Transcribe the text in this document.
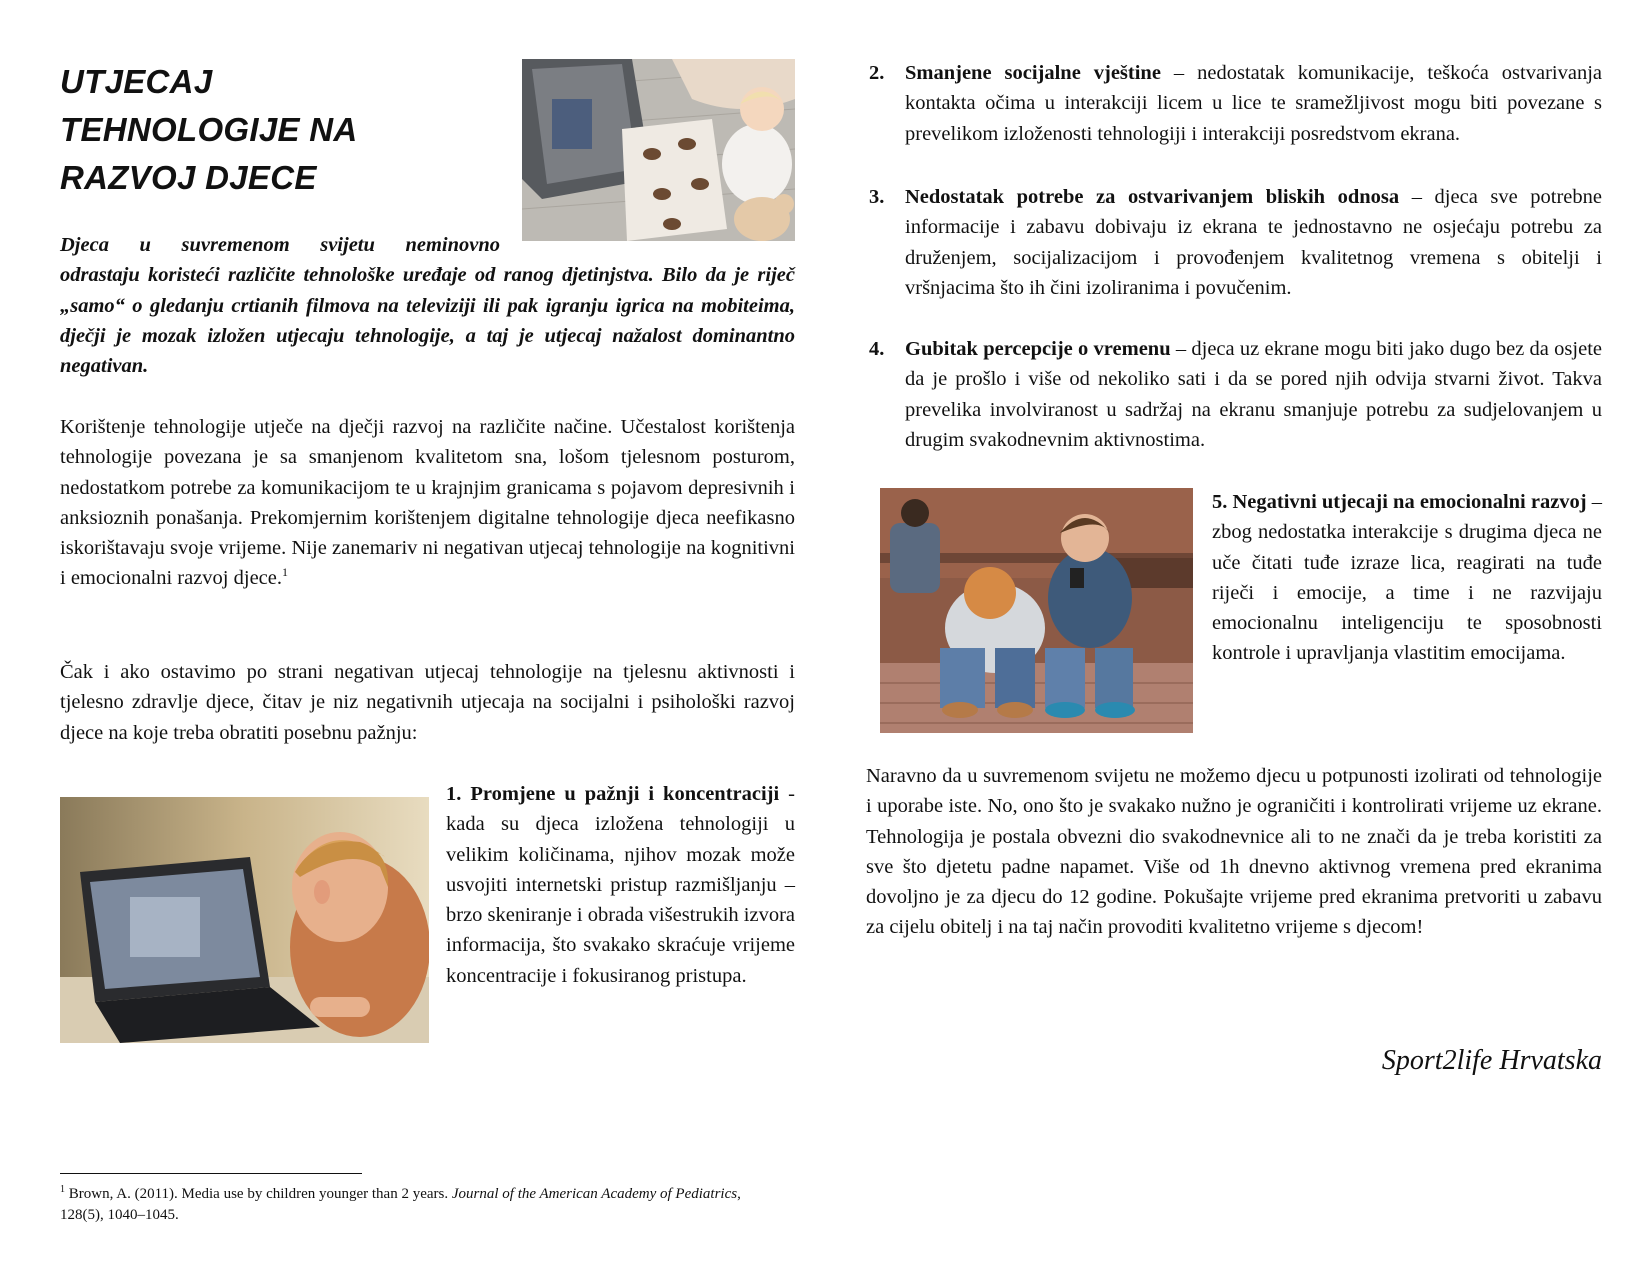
UTJECAJ
TEHNOLOGIJE NA
RAZVOJ DJECE
Djeca u suvremenom svijetu neminovno
odrastaju koristeći različite tehnološke uređaje od ranog djetinjstva. Bilo da je riječ „samo“ o gledanju crtianih filmova na televiziji ili pak igranju igrica na mobiteima, dječji je mozak izložen utjecaju tehnologije, a taj je utjecaj nažalost dominantno negativan.
Korištenje tehnologije utječe na dječji razvoj na različite načine. Učestalost korištenja tehnologije povezana je sa smanjenom kvalitetom sna, lošom tjelesnom posturom, nedostatkom potrebe za komunikacijom te u krajnjim granicama s pojavom depresivnih i anksioznih ponašanja. Prekomjernim korištenjem digitalne tehnologije djeca neefikasno iskorištavaju svoje vrijeme. Nije zanemariv ni negativan utjecaj tehnologije na kognitivni i emocionalni razvoj djece.$^1$
Čak i ako ostavimo po strani negativan utjecaj tehnologije na tjelesnu aktivnosti i tjelesno zdravlje djece, čitav je niz negativnih utjecaja na socijalni i psihološki razvoj djece na koje treba obratiti posebnu pažnju:
1. Promjene u pažnji i koncentraciji - kada su djeca izložena tehnologiji u velikim količinama, njihov mozak može usvojiti internetski pristup razmišljanju – brzo skeniranje i obrada višestrukih izvora informacija, što svakako skraćuje vrijeme koncentracije i fokusiranog pristupa.
2. Smanjene socijalne vještine – nedostatak komunikacije, teškoća ostvarivanja kontakta očima u interakciji licem u lice te sramežljivost mogu biti povezane s prevelikom izloženosti tehnologiji i interakciji posredstvom ekrana.
3. Nedostatak potrebe za ostvarivanjem bliskih odnosa – djeca sve potrebne informacije i zabavu dobivaju iz ekrana te jednostavno ne osjećaju potrebu za druženjem, socijalizacijom i provođenjem kvalitetnog vremena s obitelji i vršnjacima što ih čini izoliranima i povučenim.
4. Gubitak percepcije o vremenu – djeca uz ekrane mogu biti jako dugo bez da osjete da je prošlo i više od nekoliko sati i da se pored njih odvija stvarni život. Takva prevelika involviranost u sadržaj na ekranu smanjuje potrebu za sudjelovanjem u drugim svakodnevnim aktivnostima.
5. Negativni utjecaji na emocionalni razvoj – zbog nedostatka interakcije s drugima djeca ne uče čitati tuđe izraze lica, reagirati na tuđe riječi i emocije, a time i ne razvijaju emocionalnu inteligenciju te sposobnosti kontrole i upravljanja vlastitim emocijama.
Naravno da u suvremenom svijetu ne možemo djecu u potpunosti izolirati od tehnologije i uporabe iste. No, ono što je svakako nužno je ograničiti i kontrolirati vrijeme uz ekrane. Tehnologija je postala obvezni dio svakodnevnice ali to ne znači da je treba koristiti za sve što djetetu padne napamet. Više od 1h dnevno aktivnog vremena pred ekranima dovoljno je za djecu do 12 godine. Pokušajte vrijeme pred ekranima pretvoriti u zabavu za cijelu obitelj i na taj način provoditi kvalitetno vrijeme s djecom!
Sport2life Hrvatska
$^1$ Brown, A. (2011). Media use by children younger than 2 years. Journal of the American Academy of Pediatrics, 128(5), 1040–1045.
